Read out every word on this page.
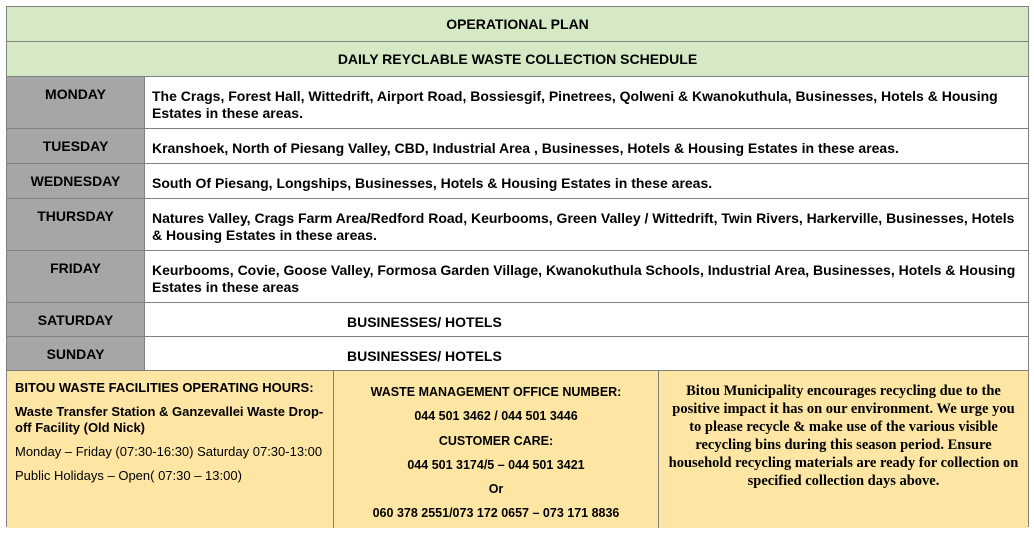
OPERATIONAL PLAN
DAILY REYCLABLE WASTE COLLECTION SCHEDULE
MONDAY	The Crags, Forest Hall, Wittedrift, Airport Road, Bossiesgif, Pinetrees, Qolweni & Kwanokuthula, Businesses, Hotels & Housing Estates in these areas.
TUESDAY	Kranshoek, North of Piesang Valley, CBD, Industrial Area , Businesses, Hotels & Housing Estates in these areas.
WEDNESDAY	South Of Piesang, Longships, Businesses, Hotels & Housing Estates in these areas.
THURSDAY	Natures Valley, Crags Farm Area/Redford Road, Keurbooms, Green Valley / Wittedrift, Twin Rivers, Harkerville, Businesses, Hotels & Housing Estates in these areas.
FRIDAY	Keurbooms, Covie, Goose Valley, Formosa Garden Village, Kwanokuthula Schools, Industrial Area, Businesses, Hotels & Housing Estates in these areas
SATURDAY	BUSINESSES/ HOTELS
SUNDAY	BUSINESSES/ HOTELS
BITOU WASTE FACILITIES OPERATING HOURS:
Waste Transfer Station & Ganzevallei Waste Drop-off Facility (Old Nick)
Monday – Friday (07:30-16:30) Saturday 07:30-13:00
Public Holidays – Open( 07:30 – 13:00)
WASTE MANAGEMENT OFFICE NUMBER:
044 501 3462 / 044 501 3446
CUSTOMER CARE:
044 501 3174/5 – 044 501 3421
Or
060 378 2551/073 172 0657 – 073 171 8836
Bitou Municipality encourages recycling due to the positive impact it has on our environment. We urge you to please recycle & make use of the various visible recycling bins during this season period. Ensure household recycling materials are ready for collection on specified collection days above.
